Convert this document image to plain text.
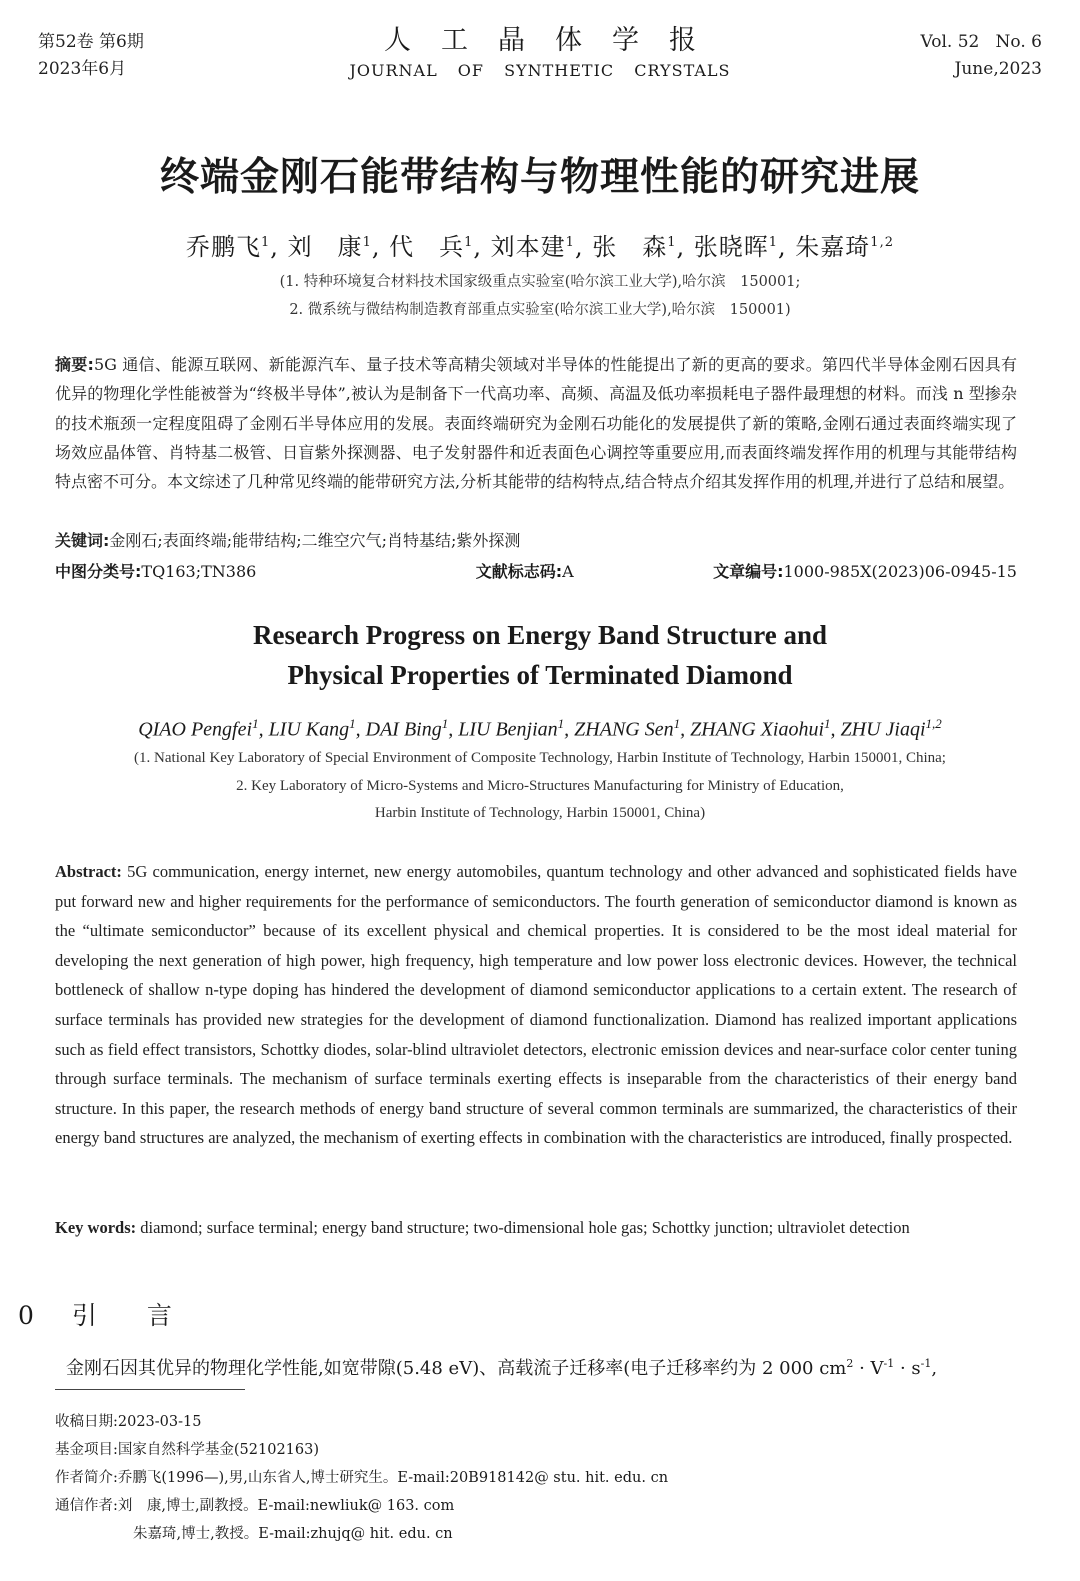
第52卷 第6期
2023年6月
人工晶体学报
JOURNAL OF SYNTHETIC CRYSTALS
Vol. 52   No. 6
June,2023
终端金刚石能带结构与物理性能的研究进展
乔鹏飞$^1$, 刘　康$^1$, 代　兵$^1$, 刘本建$^1$, 张　森$^1$, 张晓晖$^1$, 朱嘉琦$^{1,2}$
(1. 特种环境复合材料技术国家级重点实验室(哈尔滨工业大学),哈尔滨　150001;
2. 微系统与微结构制造教育部重点实验室(哈尔滨工业大学),哈尔滨　150001)
摘要:5G 通信、能源互联网、新能源汽车、量子技术等高精尖领域对半导体的性能提出了新的更高的要求。第四代半导体金刚石因具有优异的物理化学性能被誉为“终极半导体”,被认为是制备下一代高功率、高频、高温及低功率损耗电子器件最理想的材料。而浅 n 型掺杂的技术瓶颈一定程度阻碍了金刚石半导体应用的发展。表面终端研究为金刚石功能化的发展提供了新的策略,金刚石通过表面终端实现了场效应晶体管、肖特基二极管、日盲紫外探测器、电子发射器件和近表面色心调控等重要应用,而表面终端发挥作用的机理与其能带结构特点密不可分。本文综述了几种常见终端的能带研究方法,分析其能带的结构特点,结合特点介绍其发挥作用的机理,并进行了总结和展望。
关键词:金刚石;表面终端;能带结构;二维空穴气;肖特基结;紫外探测
中图分类号:TQ163;TN386	文献标志码:A	文章编号:1000-985X(2023)06-0945-15
Research Progress on Energy Band Structure and
Physical Properties of Terminated Diamond
QIAO Pengfei$^1$, LIU Kang$^1$, DAI Bing$^1$, LIU Benjian$^1$, ZHANG Sen$^1$, ZHANG Xiaohui$^1$, ZHU Jiaqi$^{1,2}$
(1. National Key Laboratory of Special Environment of Composite Technology, Harbin Institute of Technology, Harbin 150001, China;
2. Key Laboratory of Micro-Systems and Micro-Structures Manufacturing for Ministry of Education,
Harbin Institute of Technology, Harbin 150001, China)
Abstract: 5G communication, energy internet, new energy automobiles, quantum technology and other advanced and sophisticated fields have put forward new and higher requirements for the performance of semiconductors. The fourth generation of semiconductor diamond is known as the “ultimate semiconductor” because of its excellent physical and chemical properties. It is considered to be the most ideal material for developing the next generation of high power, high frequency, high temperature and low power loss electronic devices. However, the technical bottleneck of shallow n-type doping has hindered the development of diamond semiconductor applications to a certain extent. The research of surface terminals has provided new strategies for the development of diamond functionalization. Diamond has realized important applications such as field effect transistors, Schottky diodes, solar-blind ultraviolet detectors, electronic emission devices and near-surface color center tuning through surface terminals. The mechanism of surface terminals exerting effects is inseparable from the characteristics of their energy band structure. In this paper, the research methods of energy band structure of several common terminals are summarized, the characteristics of their energy band structures are analyzed, the mechanism of exerting effects in combination with the characteristics are introduced, finally prospected.
Key words: diamond; surface terminal; energy band structure; two-dimensional hole gas; Schottky junction; ultraviolet detection
0 引言
金刚石因其优异的物理化学性能,如宽带隙(5.48 eV)、高载流子迁移率(电子迁移率约为 2 000 $cm^2 \cdot V^{-1} \cdot s^{-1}$,
收稿日期:2023-03-15
基金项目:国家自然科学基金(52102163)
作者简介:乔鹏飞(1996—),男,山东省人,博士研究生。E-mail:20B918142@ stu. hit. edu. cn
通信作者:刘　康,博士,副教授。E-mail:newliuk@ 163. com
朱嘉琦,博士,教授。E-mail:zhujq@ hit. edu. cn
